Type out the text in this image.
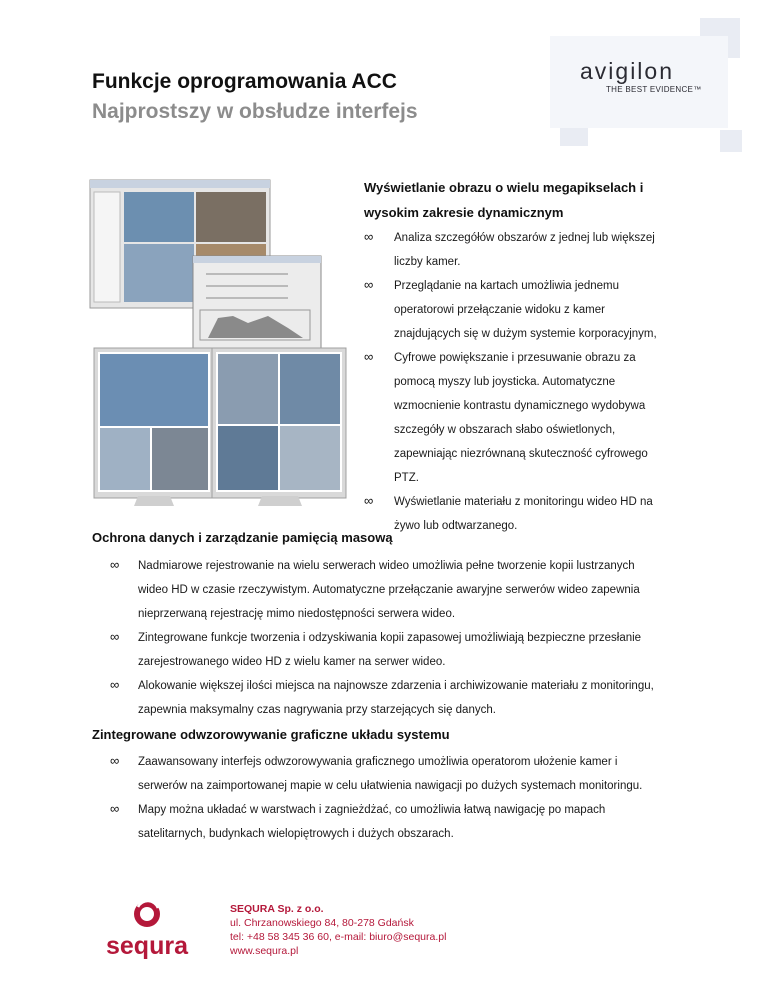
avigilon
THE BEST EVIDENCE™
Funkcje oprogramowania ACC
Najprostszy w obsłudze interfejs
Wyświetlanie obrazu o wielu megapikselach i
wysokim zakresie dynamicznym
∞ Analiza szczegółów obszarów z jednej lub większej
liczby kamer.
∞ Przeglądanie na kartach umożliwia jednemu
operatorowi przełączanie widoku z kamer
znajdujących się w dużym systemie korporacyjnym,
∞ Cyfrowe powiększanie i przesuwanie obrazu za
pomocą myszy lub joysticka. Automatyczne
wzmocnienie kontrastu dynamicznego wydobywa
szczegóły w obszarach słabo oświetlonych,
zapewniając niezrównaną skuteczność cyfrowego
PTZ.
∞ Wyświetlanie materiału z monitoringu wideo HD na
żywo lub odtwarzanego.
Ochrona danych i zarządzanie pamięcią masową
∞ Nadmiarowe rejestrowanie na wielu serwerach wideo umożliwia pełne tworzenie kopii lustrzanych
wideo HD w czasie rzeczywistym. Automatyczne przełączanie awaryjne serwerów wideo zapewnia
nieprzerwaną rejestrację mimo niedostępności serwera wideo.
∞ Zintegrowane funkcje tworzenia i odzyskiwania kopii zapasowej umożliwiają bezpieczne przesłanie
zarejestrowanego wideo HD z wielu kamer na serwer wideo.
∞ Alokowanie większej ilości miejsca na najnowsze zdarzenia i archiwizowanie materiału z monitoringu,
zapewnia maksymalny czas nagrywania przy starzejących się danych.
Zintegrowane odwzorowywanie graficzne układu systemu
∞ Zaawansowany interfejs odwzorowywania graficznego umożliwia operatorom ułożenie kamer i
serwerów na zaimportowanej mapie w celu ułatwienia nawigacji po dużych systemach monitoringu.
∞ Mapy można układać w warstwach i zagnieżdżać, co umożliwia łatwą nawigację po mapach
satelitarnych, budynkach wielopiętrowych i dużych obszarach.
sequra
SEQURA Sp. z o.o.
ul. Chrzanowskiego 84, 80-278 Gdańsk
tel: +48 58 345 36 60, e-mail: biuro@sequra.pl
www.sequra.pl
